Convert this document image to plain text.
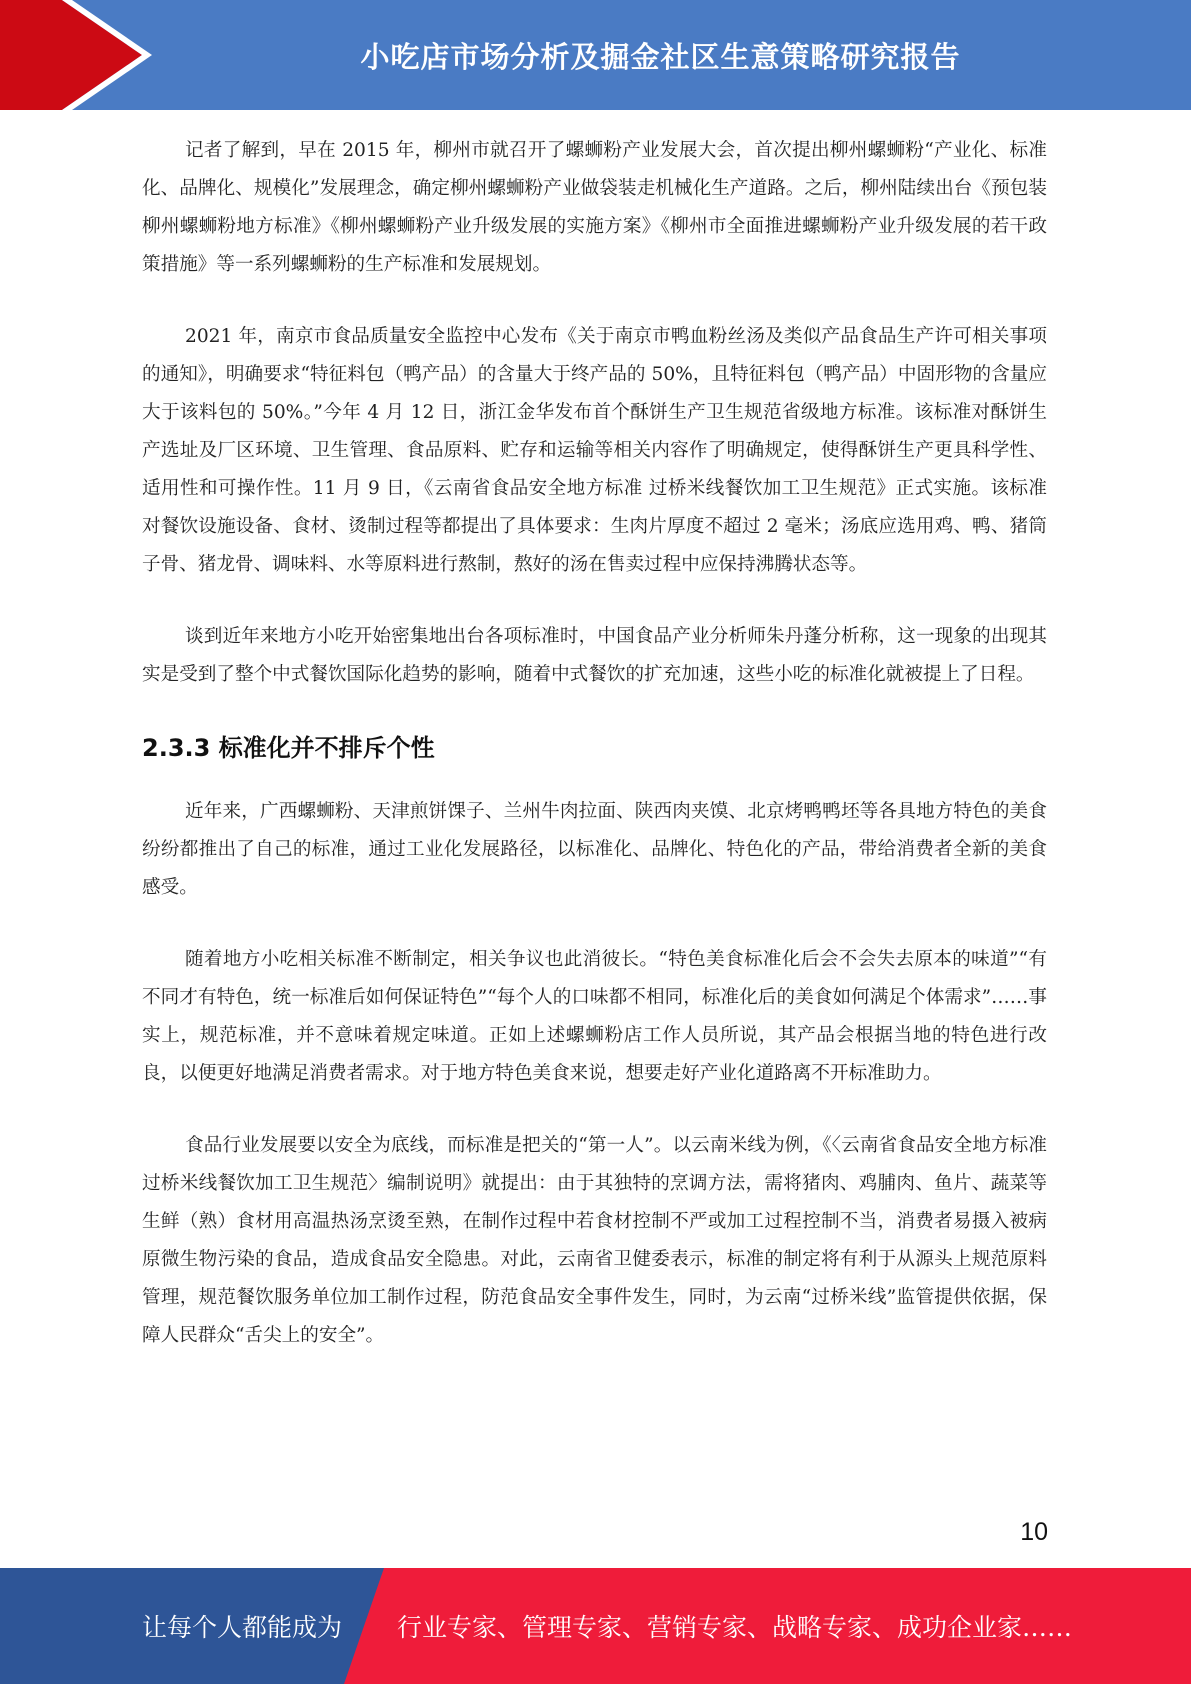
小吃店市场分析及掘金社区生意策略研究报告

记者了解到，早在 2015 年，柳州市就召开了螺蛳粉产业发展大会，首次提出柳州螺蛳粉“产业化、标准化、品牌化、规模化”发展理念，确定柳州螺蛳粉产业做袋装走机械化生产道路。之后，柳州陆续出台《预包装柳州螺蛳粉地方标准》《柳州螺蛳粉产业升级发展的实施方案》《柳州市全面推进螺蛳粉产业升级发展的若干政策措施》等一系列螺蛳粉的生产标准和发展规划。

2021 年，南京市食品质量安全监控中心发布《关于南京市鸭血粉丝汤及类似产品食品生产许可相关事项的通知》，明确要求“特征料包（鸭产品）的含量大于终产品的 50%，且特征料包（鸭产品）中固形物的含量应大于该料包的 50%。”今年 4 月 12 日，浙江金华发布首个酥饼生产卫生规范省级地方标准。该标准对酥饼生产选址及厂区环境、卫生管理、食品原料、贮存和运输等相关内容作了明确规定，使得酥饼生产更具科学性、适用性和可操作性。11 月 9 日，《云南省食品安全地方标准 过桥米线餐饮加工卫生规范》正式实施。该标准对餐饮设施设备、食材、烫制过程等都提出了具体要求：生肉片厚度不超过 2 毫米；汤底应选用鸡、鸭、猪筒子骨、猪龙骨、调味料、水等原料进行熬制，熬好的汤在售卖过程中应保持沸腾状态等。

谈到近年来地方小吃开始密集地出台各项标准时，中国食品产业分析师朱丹蓬分析称，这一现象的出现其实是受到了整个中式餐饮国际化趋势的影响，随着中式餐饮的扩充加速，这些小吃的标准化就被提上了日程。

2.3.3 标准化并不排斥个性

近年来，广西螺蛳粉、天津煎饼馃子、兰州牛肉拉面、陕西肉夹馍、北京烤鸭鸭坯等各具地方特色的美食纷纷都推出了自己的标准，通过工业化发展路径，以标准化、品牌化、特色化的产品，带给消费者全新的美食感受。

随着地方小吃相关标准不断制定，相关争议也此消彼长。“特色美食标准化后会不会失去原本的味道”“有不同才有特色，统一标准后如何保证特色”“每个人的口味都不相同，标准化后的美食如何满足个体需求”……事实上，规范标准，并不意味着规定味道。正如上述螺蛳粉店工作人员所说，其产品会根据当地的特色进行改良，以便更好地满足消费者需求。对于地方特色美食来说，想要走好产业化道路离不开标准助力。

食品行业发展要以安全为底线，而标准是把关的“第一人”。以云南米线为例，《〈云南省食品安全地方标准 过桥米线餐饮加工卫生规范〉编制说明》就提出：由于其独特的烹调方法，需将猪肉、鸡脯肉、鱼片、蔬菜等生鲜（熟）食材用高温热汤烹烫至熟，在制作过程中若食材控制不严或加工过程控制不当，消费者易摄入被病原微生物污染的食品，造成食品安全隐患。对此，云南省卫健委表示，标准的制定将有利于从源头上规范原料管理，规范餐饮服务单位加工制作过程，防范食品安全事件发生，同时，为云南“过桥米线”监管提供依据，保障人民群众“舌尖上的安全”。

10
让每个人都能成为 行业专家、管理专家、营销专家、战略专家、成功企业家……
